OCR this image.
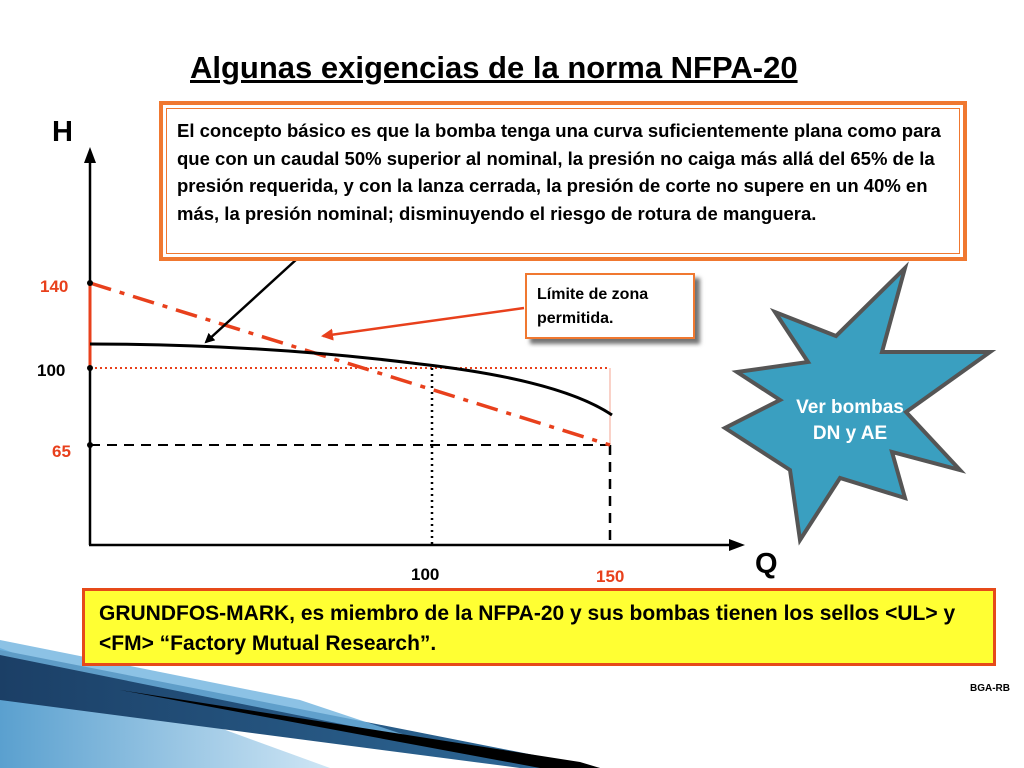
H
Q
140
100
65
100	150
Algunas exigencias de la norma NFPA-20
El concepto básico es que la bomba tenga una curva suficientemente plana como para que con un caudal 50% superior al nominal, la presión no caiga más allá del 65% de la presión requerida, y con la lanza cerrada, la presión de corte no supere en un 40% en más, la presión nominal; disminuyendo el riesgo de rotura de manguera.
Límite de zona permitida.
Ver bombas
DN y AE
GRUNDFOS-MARK, es miembro de la NFPA-20 y sus bombas tienen los sellos <UL> y <FM> “Factory Mutual Research”.
BGA-RB
